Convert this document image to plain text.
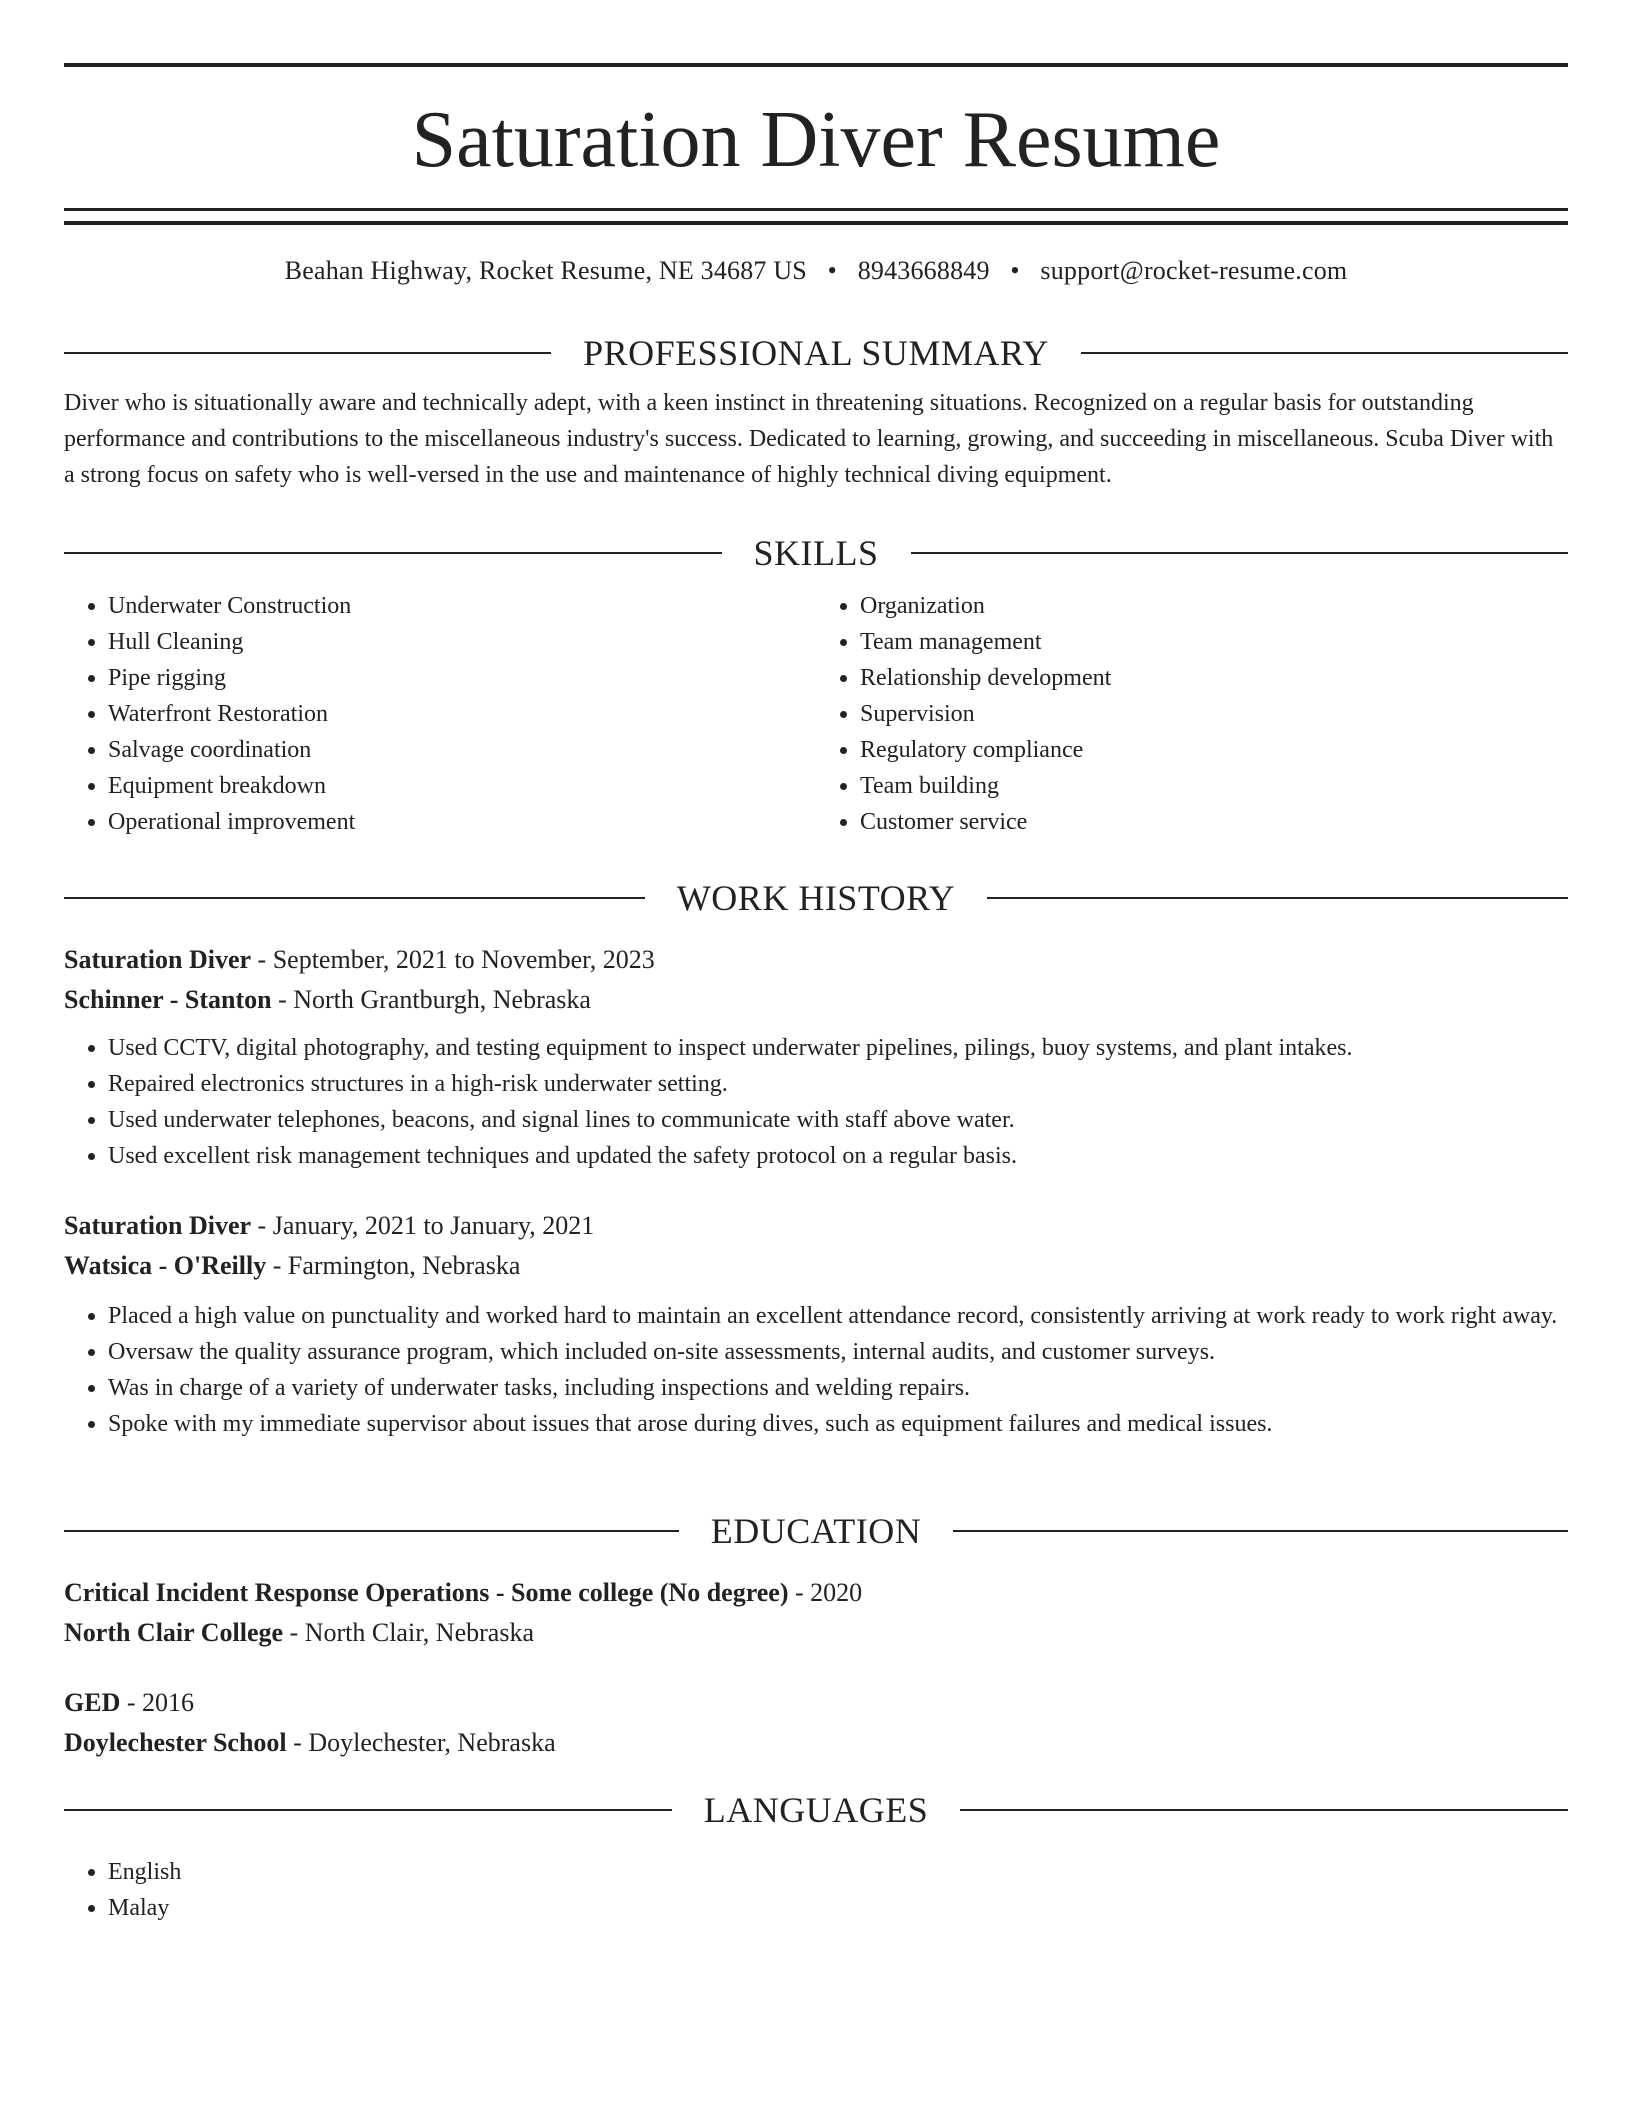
Saturation Diver Resume
Beahan Highway, Rocket Resume, NE 34687 US • 8943668849 • support@rocket-resume.com
PROFESSIONAL SUMMARY

Diver who is situationally aware and technically adept, with a keen instinct in threatening situations. Recognized on a regular basis for outstanding performance and contributions to the miscellaneous industry's success. Dedicated to learning, growing, and succeeding in miscellaneous. Scuba Diver with a strong focus on safety who is well-versed in the use and maintenance of highly technical diving equipment.

SKILLS
• Underwater Construction
• Hull Cleaning
• Pipe rigging
• Waterfront Restoration
• Salvage coordination
• Equipment breakdown
• Operational improvement
• Organization
• Team management
• Relationship development
• Supervision
• Regulatory compliance
• Team building
• Customer service
WORK HISTORY
Saturation Diver - September, 2021 to November, 2023
Schinner - Stanton - North Grantburgh, Nebraska
• Used CCTV, digital photography, and testing equipment to inspect underwater pipelines, pilings, buoy systems, and plant intakes.
• Repaired electronics structures in a high-risk underwater setting.
• Used underwater telephones, beacons, and signal lines to communicate with staff above water.
• Used excellent risk management techniques and updated the safety protocol on a regular basis.
Saturation Diver - January, 2021 to January, 2021
Watsica - O'Reilly - Farmington, Nebraska
• Placed a high value on punctuality and worked hard to maintain an excellent attendance record, consistently arriving at work ready to work right away.
• Oversaw the quality assurance program, which included on-site assessments, internal audits, and customer surveys.
• Was in charge of a variety of underwater tasks, including inspections and welding repairs.
• Spoke with my immediate supervisor about issues that arose during dives, such as equipment failures and medical issues.
EDUCATION
Critical Incident Response Operations - Some college (No degree) - 2020
North Clair College - North Clair, Nebraska
GED - 2016
Doylechester School - Doylechester, Nebraska
LANGUAGES
• English
• Malay
